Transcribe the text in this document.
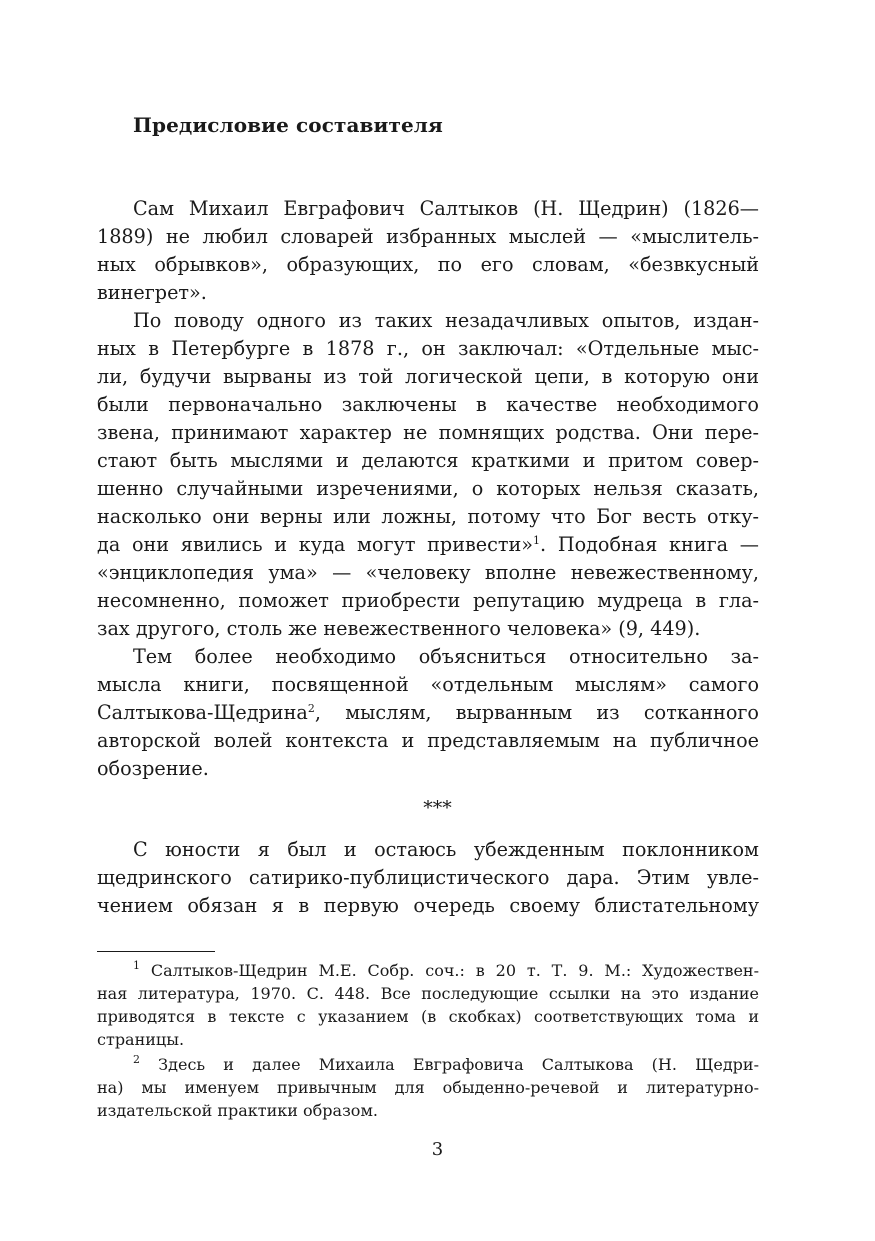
Предисловие составителя

Сам Михаил Евграфович Салтыков (Н. Щедрин) (1826—

1889) не любил словарей избранных мыслей — «мыслитель-

ных обрывков», образующих, по его словам, «безвкусный

винегрет».

По поводу одного из таких незадачливых опытов, издан-

ных в Петербурге в 1878 г., он заключал: «Отдельные мыс-

ли, будучи вырваны из той логической цепи, в которую они

были первоначально заключены в качестве необходимого

звена, принимают характер не помнящих родства. Они пере-

стают быть мыслями и делаются краткими и притом совер-

шенно случайными изречениями, о которых нельзя сказать,

насколько они верны или ложны, потому что Бог весть отку-

да они явились и куда могут привести»$^1$. Подобная книга —

«энциклопедия ума» — «человеку вполне невежественному,

несомненно, поможет приобрести репутацию мудреца в гла-

зах другого, столь же невежественного человека» (9, 449).

Тем более необходимо объясниться относительно за-

мысла книги, посвященной «отдельным мыслям» самого

Салтыкова-Щедрина$^2$, мыслям, вырванным из сотканного

авторской волей контекста и представляемым на публичное

обозрение.

***

С юности я был и остаюсь убежденным поклонником

щедринского сатирико-публицистического дара. Этим увле-

чением обязан я в первую очередь своему блистательному

$^1$ Салтыков-Щедрин М.Е. Собр. соч.: в 20 т. Т. 9. М.: Художествен-

ная литература, 1970. С. 448. Все последующие ссылки на это издание

приводятся в тексте с указанием (в скобках) соответствующих тома и

страницы.

$^2$ Здесь и далее Михаила Евграфовича Салтыкова (Н. Щедри-

на) мы именуем привычным для обыденно-речевой и литературно-

издательской практики образом.

3
